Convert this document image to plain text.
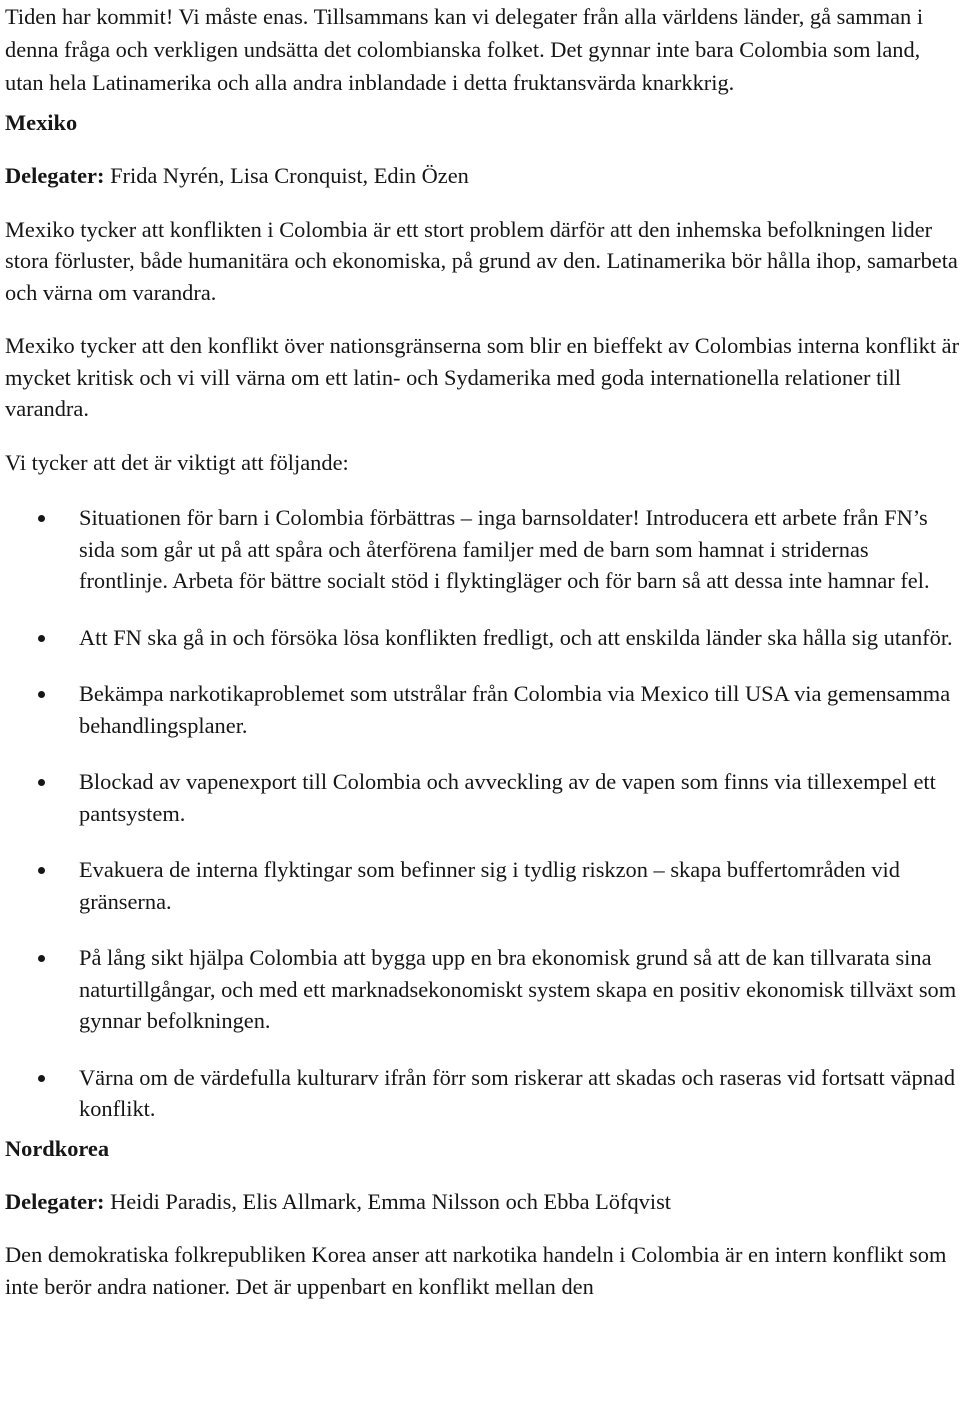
Tiden har kommit! Vi måste enas. Tillsammans kan vi delegater från alla världens länder, gå samman i denna fråga och verkligen undsätta det colombianska folket. Det gynnar inte bara Colombia som land, utan hela Latinamerika och alla andra inblandade i detta fruktansvärda knarkkrig.

Mexiko

Delegater: Frida Nyrén, Lisa Cronquist, Edin Özen

Mexiko tycker att konflikten i Colombia är ett stort problem därför att den inhemska befolkningen lider stora förluster, både humanitära och ekonomiska, på grund av den. Latinamerika bör hålla ihop, samarbeta och värna om varandra.

Mexiko tycker att den konflikt över nationsgränserna som blir en bieffekt av Colombias interna konflikt är mycket kritisk och vi vill värna om ett latin- och Sydamerika med goda internationella relationer till varandra.

Vi tycker att det är viktigt att följande:

Situationen för barn i Colombia förbättras – inga barnsoldater! Introducera ett arbete från FN’s sida som går ut på att spåra och återförena familjer med de barn som hamnat i stridernas frontlinje. Arbeta för bättre socialt stöd i flyktingläger och för barn så att dessa inte hamnar fel.
Att FN ska gå in och försöka lösa konflikten fredligt, och att enskilda länder ska hålla sig utanför.
Bekämpa narkotikaproblemet som utstrålar från Colombia via Mexico till USA via gemensamma behandlingsplaner.
Blockad av vapenexport till Colombia och avveckling av de vapen som finns via tillexempel ett pantsystem.
Evakuera de interna flyktingar som befinner sig i tydlig riskzon – skapa buffertområden vid gränserna.
På lång sikt hjälpa Colombia att bygga upp en bra ekonomisk grund så att de kan tillvarata sina naturtillgångar, och med ett marknadsekonomiskt system skapa en positiv ekonomisk tillväxt som gynnar befolkningen.
Värna om de värdefulla kulturarv ifrån förr som riskerar att skadas och raseras vid fortsatt väpnad konflikt.
Nordkorea

Delegater: Heidi Paradis, Elis Allmark, Emma Nilsson och Ebba Löfqvist

Den demokratiska folkrepubliken Korea anser att narkotika handeln i Colombia är en intern konflikt som inte berör andra nationer. Det är uppenbart en konflikt mellan den
